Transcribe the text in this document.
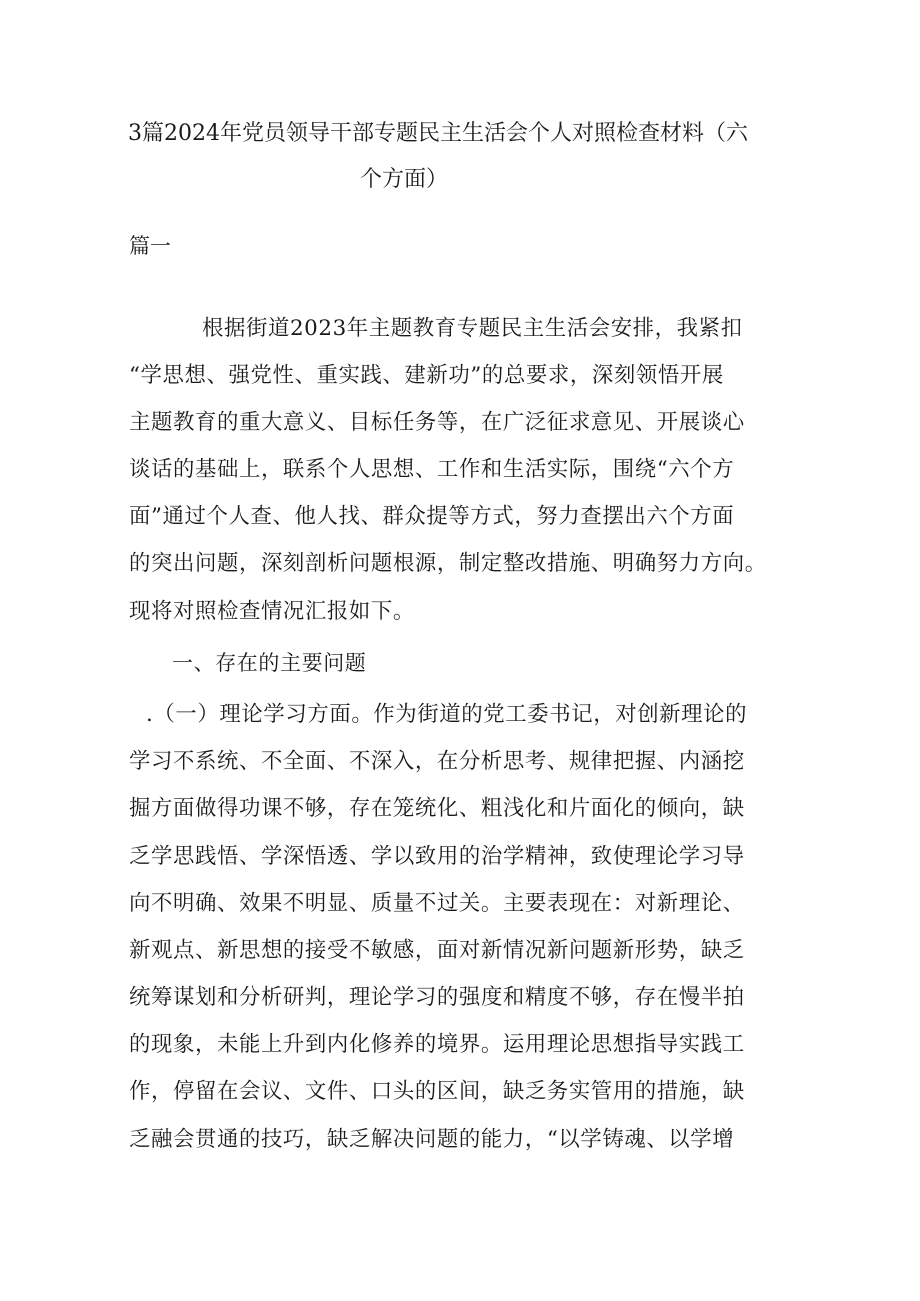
3篇2024年党员领导干部专题民主生活会个人对照检查材料（六
个方面）
篇一
根据街道2023年主题教育专题民主生活会安排，我紧扣
“学思想、强党性、重实践、建新功”的总要求，深刻领悟开展
主题教育的重大意义、目标任务等，在广泛征求意见、开展谈心
谈话的基础上，联系个人思想、工作和生活实际，围绕“六个方
面”通过个人查、他人找、群众提等方式，努力查摆出六个方面
的突出问题，深刻剖析问题根源，制定整改措施、明确努力方向。
现将对照检查情况汇报如下。
一、存在的主要问题
.（一）理论学习方面。作为街道的党工委书记，对创新理论的
学习不系统、不全面、不深入，在分析思考、规律把握、内涵挖
掘方面做得功课不够，存在笼统化、粗浅化和片面化的倾向，缺
乏学思践悟、学深悟透、学以致用的治学精神，致使理论学习导
向不明确、效果不明显、质量不过关。主要表现在：对新理论、
新观点、新思想的接受不敏感，面对新情况新问题新形势，缺乏
统筹谋划和分析研判，理论学习的强度和精度不够，存在慢半拍
的现象，未能上升到内化修养的境界。运用理论思想指导实践工
作，停留在会议、文件、口头的区间，缺乏务实管用的措施，缺
乏融会贯通的技巧，缺乏解决问题的能力，“以学铸魂、以学增
